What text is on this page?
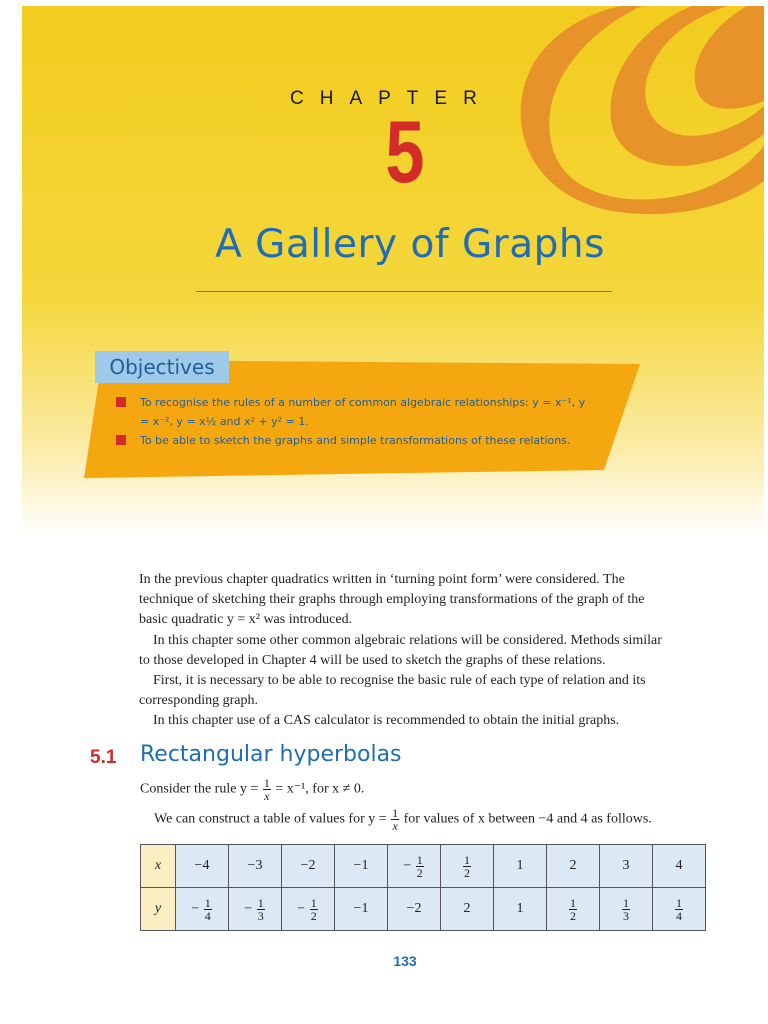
CHAPTER
5
A Gallery of Graphs
Objectives
To recognise the rules of a number of common algebraic relationships: y = x⁻¹, y = x⁻², y = x½ and x² + y² = 1.
To be able to sketch the graphs and simple transformations of these relations.

In the previous chapter quadratics written in ‘turning point form’ were considered. The technique of sketching their graphs through employing transformations of the graph of the basic quadratic y = x² was introduced.

In this chapter some other common algebraic relations will be considered. Methods similar to those developed in Chapter 4 will be used to sketch the graphs of these relations.

First, it is necessary to be able to recognise the basic rule of each type of relation and its corresponding graph.

In this chapter use of a CAS calculator is recommended to obtain the initial graphs.

5.1 Rectangular hyperbolas
Consider the rule $y = \frac{1}{x} = x^{-1}$, for x ≠ 0.
We can construct a table of values for $y = \frac{1}{x}$ for values of x between −4 and 4 as follows.
x	−4	−3	−2	−1	− $\frac{1}{2}$	$\frac{1}{2}$	1	2	3	4
y	− $\frac{1}{4}$	− $\frac{1}{3}$	− $\frac{1}{2}$	−1	−2	2	1	$\frac{1}{2}$	$\frac{1}{3}$	$\frac{1}{4}$
133
